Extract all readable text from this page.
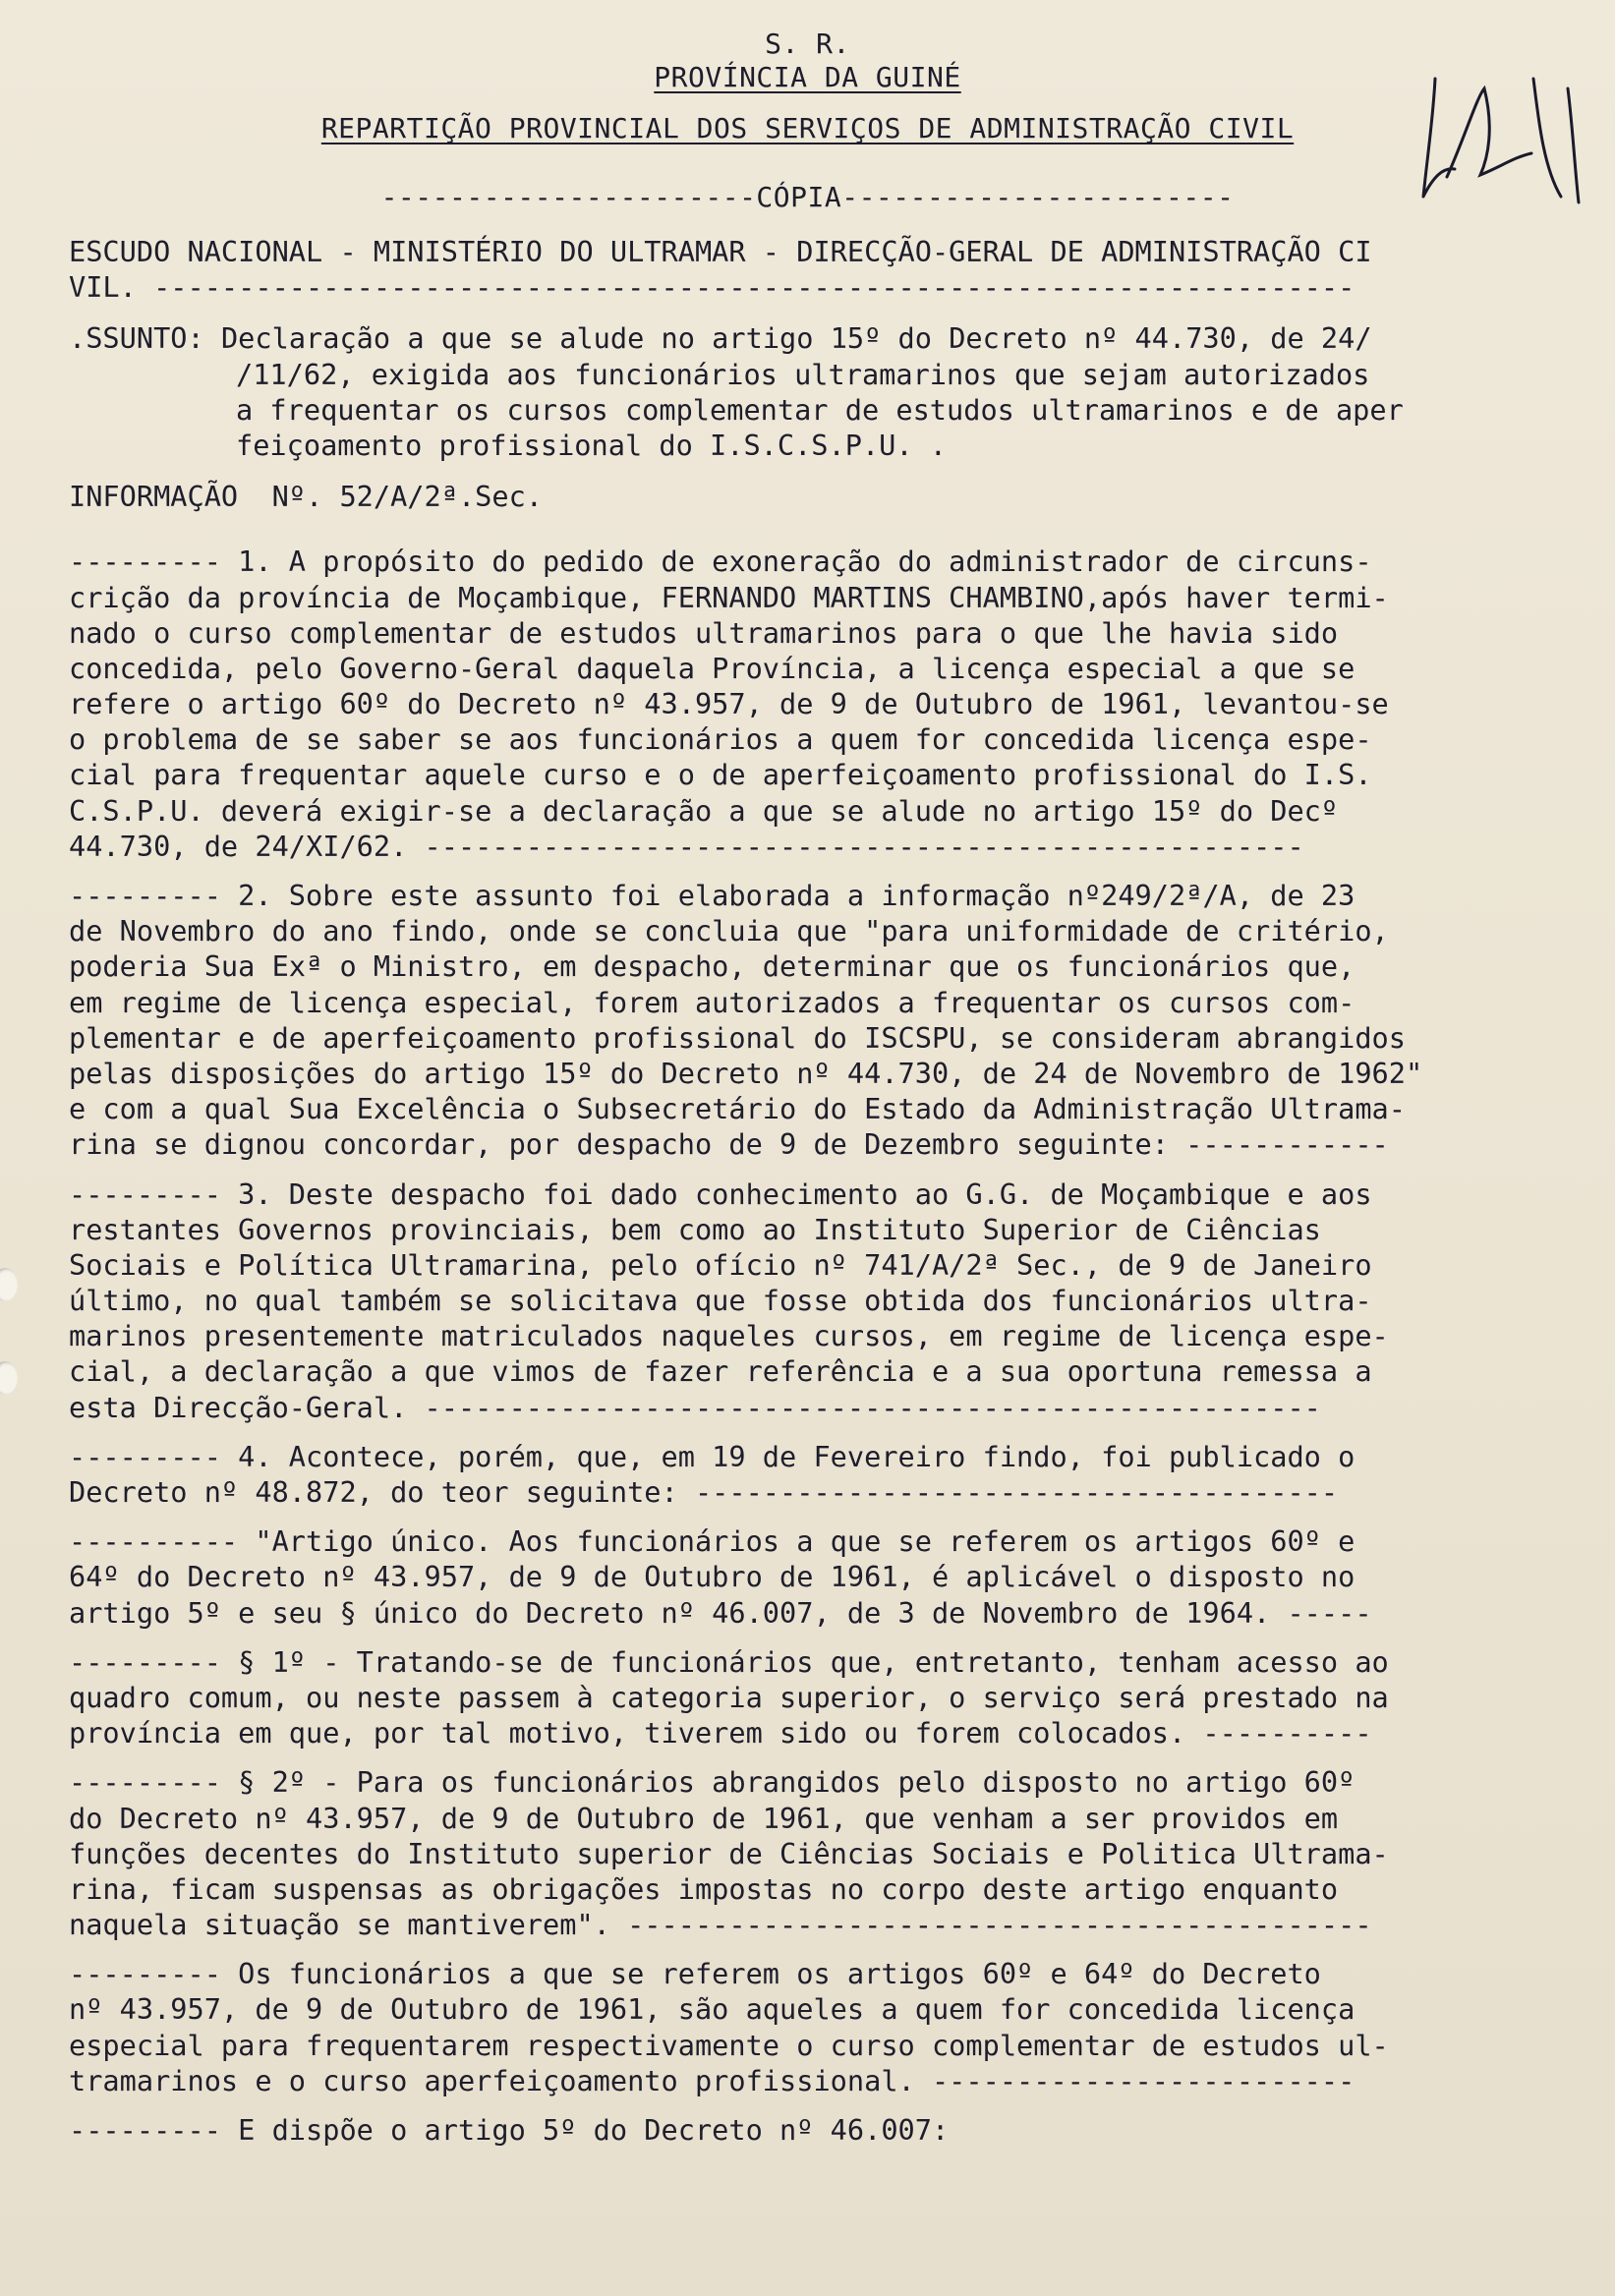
S. R.
PROVÍNCIA DA GUINÉ
REPARTIÇÃO PROVINCIAL DOS SERVIÇOS DE ADMINISTRAÇÃO CIVIL
----------------------CÓPIA-----------------------
ESCUDO NACIONAL - MINISTÉRIO DO ULTRAMAR - DIRECÇÃO-GERAL DE ADMINISTRAÇÃO CI
VIL. -----------------------------------------------------------------------
.SSUNTO: Declaração a que se alude no artigo 15º do Decreto nº 44.730, de 24/
/11/62, exigida aos funcionários ultramarinos que sejam autorizados
a frequentar os cursos complementar de estudos ultramarinos e de aper
feiçoamento profissional do I.S.C.S.P.U. .
INFORMAÇÃO  Nº. 52/A/2ª.Sec.
--------- 1. A propósito do pedido de exoneração do administrador de circuns-
crição da província de Moçambique, FERNANDO MARTINS CHAMBINO,após haver termi-
nado o curso complementar de estudos ultramarinos para o que lhe havia sido
concedida, pelo Governo-Geral daquela Província, a licença especial a que se
refere o artigo 60º do Decreto nº 43.957, de 9 de Outubro de 1961, levantou-se
o problema de se saber se aos funcionários a quem for concedida licença espe-
cial para frequentar aquele curso e o de aperfeiçoamento profissional do I.S.
C.S.P.U. deverá exigir-se a declaração a que se alude no artigo 15º do Decº
44.730, de 24/XI/62. ----------------------------------------------------
--------- 2. Sobre este assunto foi elaborada a informação nº249/2ª/A, de 23
de Novembro do ano findo, onde se concluia que "para uniformidade de critério,
poderia Sua Exª o Ministro, em despacho, determinar que os funcionários que,
em regime de licença especial, forem autorizados a frequentar os cursos com-
plementar e de aperfeiçoamento profissional do ISCSPU, se consideram abrangidos
pelas disposições do artigo 15º do Decreto nº 44.730, de 24 de Novembro de 1962"
e com a qual Sua Excelência o Subsecretário do Estado da Administração Ultrama-
rina se dignou concordar, por despacho de 9 de Dezembro seguinte: ------------
--------- 3. Deste despacho foi dado conhecimento ao G.G. de Moçambique e aos
restantes Governos provinciais, bem como ao Instituto Superior de Ciências
Sociais e Política Ultramarina, pelo ofício nº 741/A/2ª Sec., de 9 de Janeiro
último, no qual também se solicitava que fosse obtida dos funcionários ultra-
marinos presentemente matriculados naqueles cursos, em regime de licença espe-
cial, a declaração a que vimos de fazer referência e a sua oportuna remessa a
esta Direcção-Geral. -----------------------------------------------------
--------- 4. Acontece, porém, que, em 19 de Fevereiro findo, foi publicado o
Decreto nº 48.872, do teor seguinte: --------------------------------------
---------- "Artigo único. Aos funcionários a que se referem os artigos 60º e
64º do Decreto nº 43.957, de 9 de Outubro de 1961, é aplicável o disposto no
artigo 5º e seu § único do Decreto nº 46.007, de 3 de Novembro de 1964. -----
--------- § 1º - Tratando-se de funcionários que, entretanto, tenham acesso ao
quadro comum, ou neste passem à categoria superior, o serviço será prestado na
província em que, por tal motivo, tiverem sido ou forem colocados. ----------
--------- § 2º - Para os funcionários abrangidos pelo disposto no artigo 60º
do Decreto nº 43.957, de 9 de Outubro de 1961, que venham a ser providos em
funções decentes do Instituto superior de Ciências Sociais e Politica Ultrama-
rina, ficam suspensas as obrigações impostas no corpo deste artigo enquanto
naquela situação se mantiverem". --------------------------------------------
--------- Os funcionários a que se referem os artigos 60º e 64º do Decreto
nº 43.957, de 9 de Outubro de 1961, são aqueles a quem for concedida licença
especial para frequentarem respectivamente o curso complementar de estudos ul-
tramarinos e o curso aperfeiçoamento profissional. -------------------------
--------- E dispõe o artigo 5º do Decreto nº 46.007:
